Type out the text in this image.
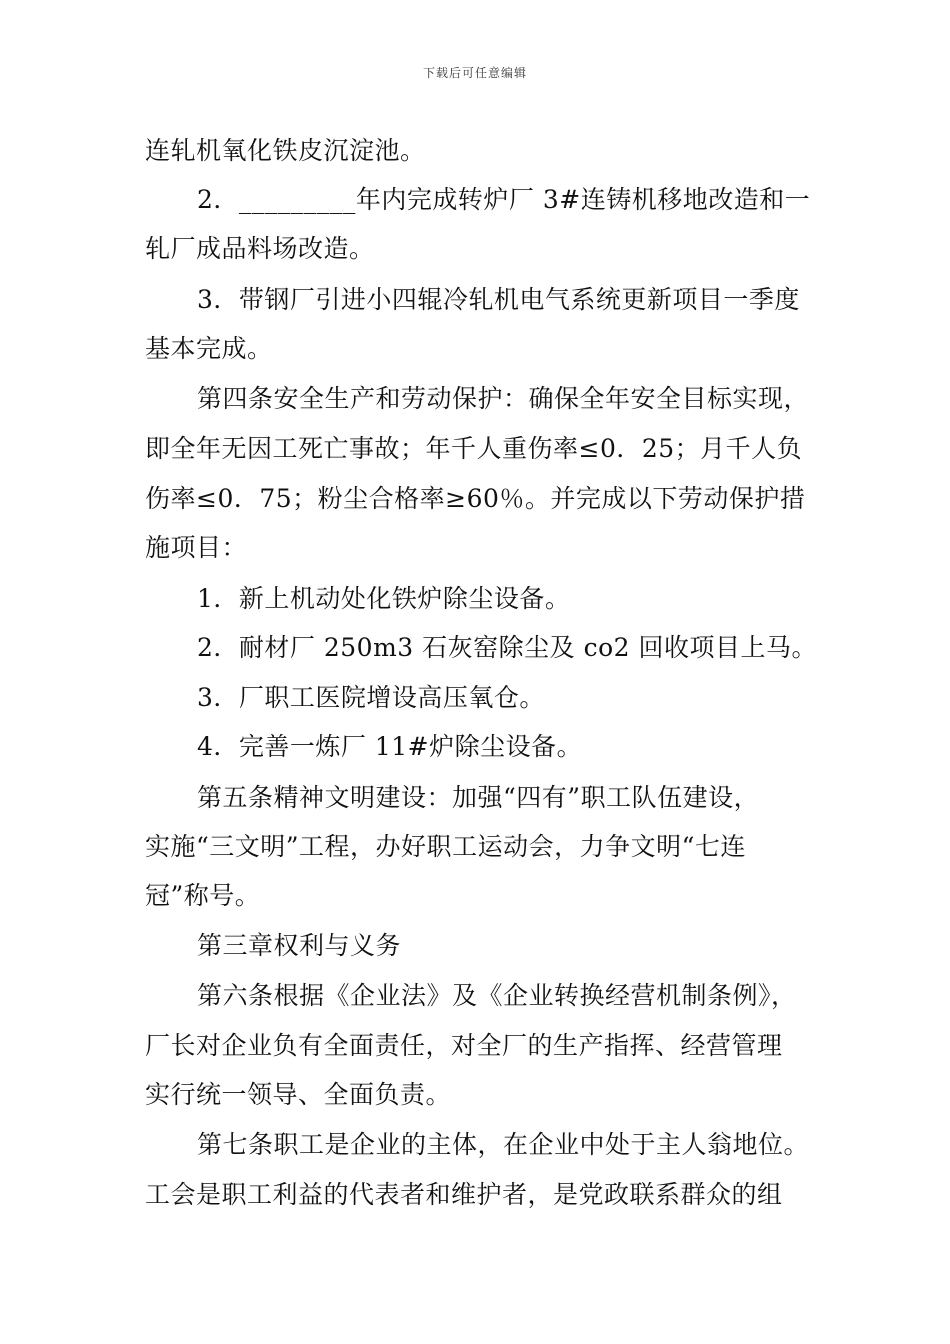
下载后可任意编辑
连轧机氧化铁皮沉淀池。
2．_________年内完成转炉厂 3#连铸机移地改造和一
轧厂成品料场改造。
3．带钢厂引进小四辊冷轧机电气系统更新项目一季度
基本完成。
第四条安全生产和劳动保护：确保全年安全目标实现，
即全年无因工死亡事故；年千人重伤率≤0．25；月千人负
伤率≤0．75；粉尘合格率≥60％。并完成以下劳动保护措
施项目：
1．新上机动处化铁炉除尘设备。
2．耐材厂 250m3 石灰窑除尘及 co2 回收项目上马。
3．厂职工医院增设高压氧仓。
4．完善一炼厂 11#炉除尘设备。
第五条精神文明建设：加强“四有”职工队伍建设，
实施“三文明”工程，办好职工运动会，力争文明“七连
冠”称号。
第三章权利与义务
第六条根据《企业法》及《企业转换经营机制条例》，
厂长对企业负有全面责任，对全厂的生产指挥、经营管理
实行统一领导、全面负责。
第七条职工是企业的主体，在企业中处于主人翁地位。
工会是职工利益的代表者和维护者，是党政联系群众的组
